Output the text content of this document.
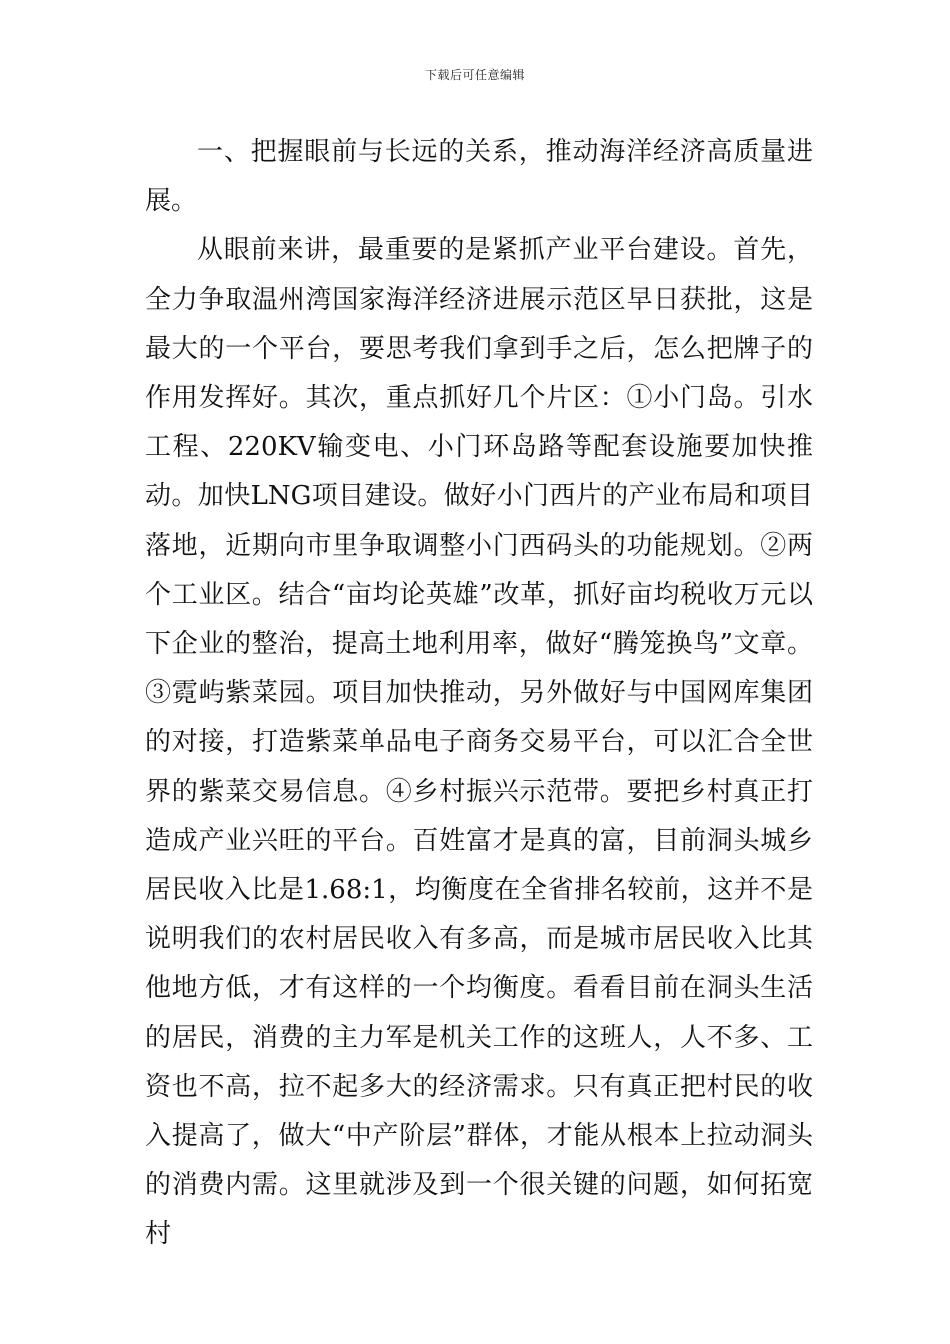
下载后可任意编辑

一、把握眼前与长远的关系，推动海洋经济高质量进展。

从眼前来讲，最重要的是紧抓产业平台建设。首先，全力争取温州湾国家海洋经济进展示范区早日获批，这是最大的一个平台，要思考我们拿到手之后，怎么把牌子的作用发挥好。其次，重点抓好几个片区：①小门岛。引水工程、220KV输变电、小门环岛路等配套设施要加快推动。加快LNG项目建设。做好小门西片的产业布局和项目落地，近期向市里争取调整小门西码头的功能规划。②两个工业区。结合“亩均论英雄”改革，抓好亩均税收万元以下企业的整治，提高土地利用率，做好“腾笼换鸟”文章。③霓屿紫菜园。项目加快推动，另外做好与中国网库集团的对接，打造紫菜单品电子商务交易平台，可以汇合全世界的紫菜交易信息。④乡村振兴示范带。要把乡村真正打造成产业兴旺的平台。百姓富才是真的富，目前洞头城乡居民收入比是1.68:1，均衡度在全省排名较前，这并不是说明我们的农村居民收入有多高，而是城市居民收入比其他地方低，才有这样的一个均衡度。看看目前在洞头生活的居民，消费的主力军是机关工作的这班人，人不多、工资也不高，拉不起多大的经济需求。只有真正把村民的收入提高了，做大“中产阶层”群体，才能从根本上拉动洞头的消费内需。这里就涉及到一个很关键的问题，如何拓宽村
